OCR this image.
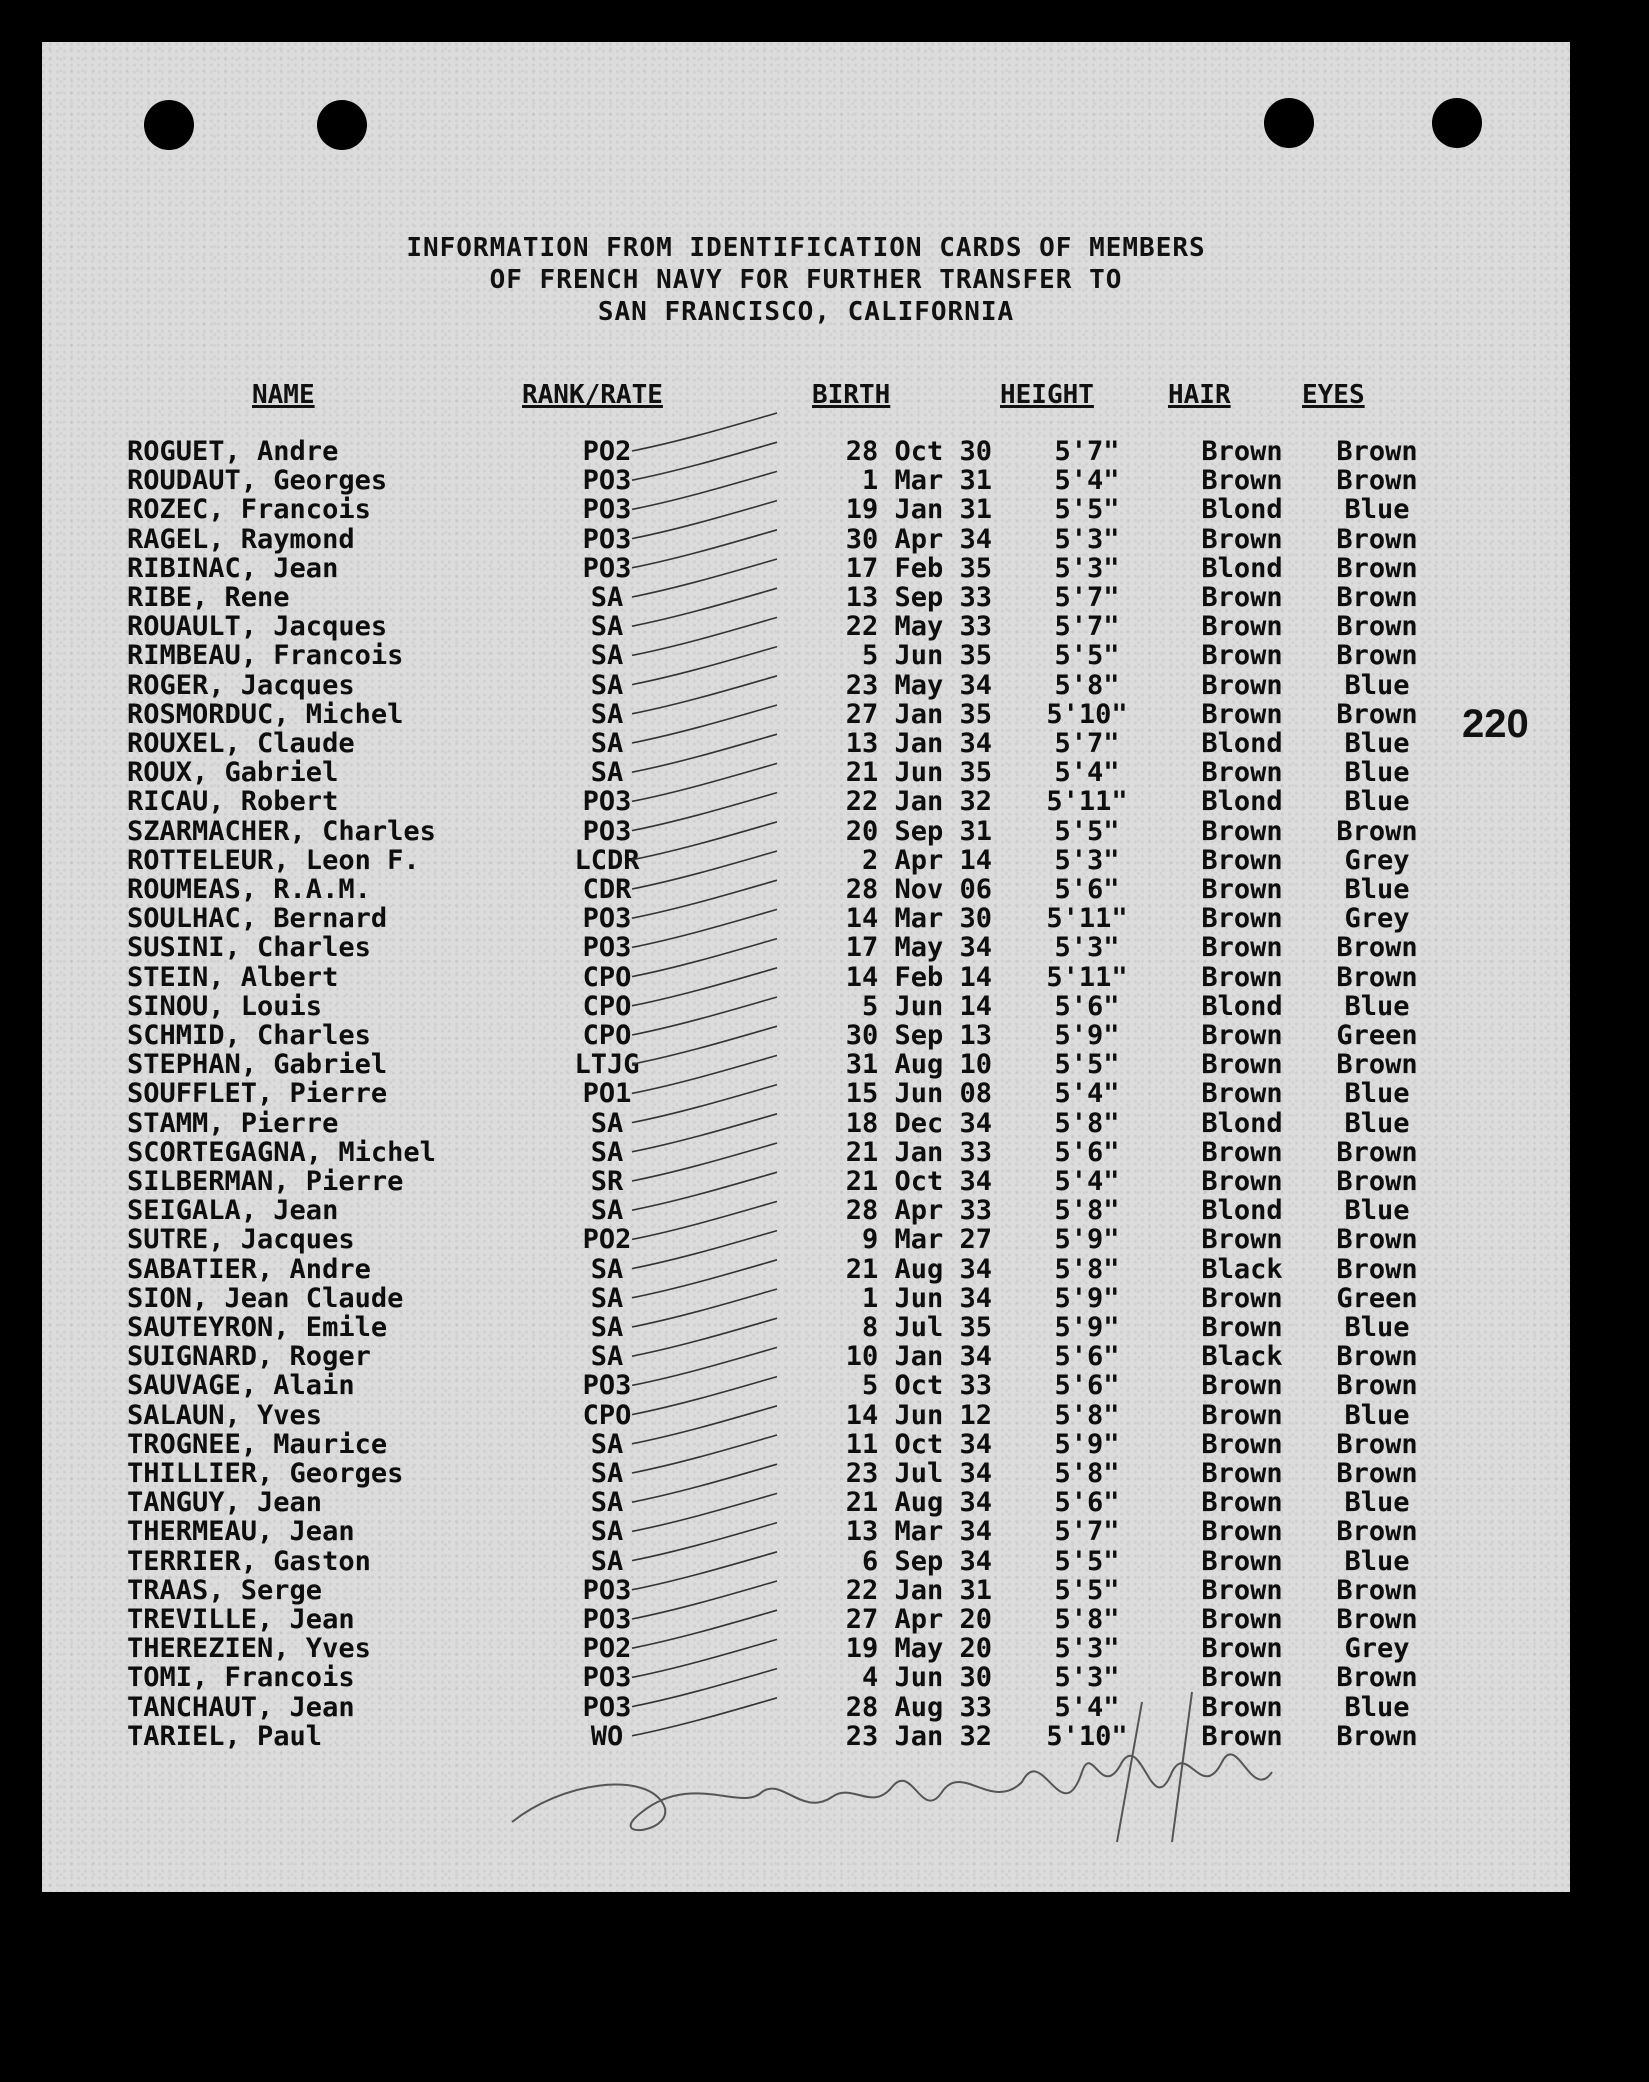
INFORMATION FROM IDENTIFICATION CARDS OF MEMBERS
OF FRENCH NAVY FOR FURTHER TRANSFER TO
SAN FRANCISCO, CALIFORNIA
NAME	RANK/RATE	BIRTH	HEIGHT	HAIR	EYES
ROGUET, Andre	PO2	28 Oct 30	5'7"	Brown	Brown
ROUDAUT, Georges	PO3	1 Mar 31	5'4"	Brown	Brown
ROZEC, Francois	PO3	19 Jan 31	5'5"	Blond	Blue
RAGEL, Raymond	PO3	30 Apr 34	5'3"	Brown	Brown
RIBINAC, Jean	PO3	17 Feb 35	5'3"	Blond	Brown
RIBE, Rene	SA	13 Sep 33	5'7"	Brown	Brown
ROUAULT, Jacques	SA	22 May 33	5'7"	Brown	Brown
RIMBEAU, Francois	SA	5 Jun 35	5'5"	Brown	Brown
ROGER, Jacques	SA	23 May 34	5'8"	Brown	Blue
ROSMORDUC, Michel	SA	27 Jan 35	5'10"	Brown	Brown
ROUXEL, Claude	SA	13 Jan 34	5'7"	Blond	Blue
ROUX, Gabriel	SA	21 Jun 35	5'4"	Brown	Blue
RICAU, Robert	PO3	22 Jan 32	5'11"	Blond	Blue
SZARMACHER, Charles	PO3	20 Sep 31	5'5"	Brown	Brown
ROTTELEUR, Leon F.	LCDR	2 Apr 14	5'3"	Brown	Grey
ROUMEAS, R.A.M.	CDR	28 Nov 06	5'6"	Brown	Blue
SOULHAC, Bernard	PO3	14 Mar 30	5'11"	Brown	Grey
SUSINI, Charles	PO3	17 May 34	5'3"	Brown	Brown
STEIN, Albert	CPO	14 Feb 14	5'11"	Brown	Brown
SINOU, Louis	CPO	5 Jun 14	5'6"	Blond	Blue
SCHMID, Charles	CPO	30 Sep 13	5'9"	Brown	Green
STEPHAN, Gabriel	LTJG	31 Aug 10	5'5"	Brown	Brown
SOUFFLET, Pierre	PO1	15 Jun 08	5'4"	Brown	Blue
STAMM, Pierre	SA	18 Dec 34	5'8"	Blond	Blue
SCORTEGAGNA, Michel	SA	21 Jan 33	5'6"	Brown	Brown
SILBERMAN, Pierre	SR	21 Oct 34	5'4"	Brown	Brown
SEIGALA, Jean	SA	28 Apr 33	5'8"	Blond	Blue
SUTRE, Jacques	PO2	9 Mar 27	5'9"	Brown	Brown
SABATIER, Andre	SA	21 Aug 34	5'8"	Black	Brown
SION, Jean Claude	SA	1 Jun 34	5'9"	Brown	Green
SAUTEYRON, Emile	SA	8 Jul 35	5'9"	Brown	Blue
SUIGNARD, Roger	SA	10 Jan 34	5'6"	Black	Brown
SAUVAGE, Alain	PO3	5 Oct 33	5'6"	Brown	Brown
SALAUN, Yves	CPO	14 Jun 12	5'8"	Brown	Blue
TROGNEE, Maurice	SA	11 Oct 34	5'9"	Brown	Brown
THILLIER, Georges	SA	23 Jul 34	5'8"	Brown	Brown
TANGUY, Jean	SA	21 Aug 34	5'6"	Brown	Blue
THERMEAU, Jean	SA	13 Mar 34	5'7"	Brown	Brown
TERRIER, Gaston	SA	6 Sep 34	5'5"	Brown	Blue
TRAAS, Serge	PO3	22 Jan 31	5'5"	Brown	Brown
TREVILLE, Jean	PO3	27 Apr 20	5'8"	Brown	Brown
THEREZIEN, Yves	PO2	19 May 20	5'3"	Brown	Grey
TOMI, Francois	PO3	4 Jun 30	5'3"	Brown	Brown
TANCHAUT, Jean	PO3	28 Aug 33	5'4"	Brown	Blue
TARIEL, Paul	WO	23 Jan 32	5'10"	Brown	Brown
220
